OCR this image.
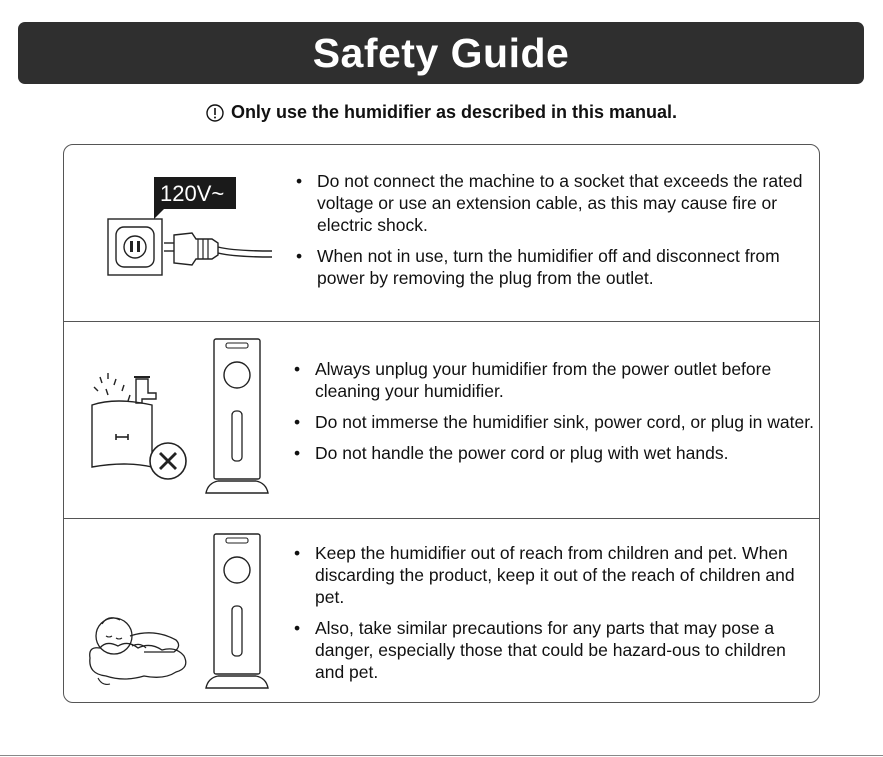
Safety Guide
Only use the humidifier as described in this manual.
120V~
•	Do not connect the machine to a socket that exceeds the rated voltage or use an extension cable, as this may cause fire or electric shock.
• When not in use, turn the humidifier off and disconnect from power by removing the plug from the outlet.
• Always unplug your humidifier from the power outlet before cleaning your humidifier.
• Do not immerse the humidifier sink, power cord, or plug in water.
• Do not handle the power cord or plug with wet hands.
• Keep the humidifier out of reach from children and pet. When discarding the product, keep it out of the reach of children and pet.
• Also, take similar precautions for any parts that may pose a danger, especially those that could be hazard-ous to children and pet.
